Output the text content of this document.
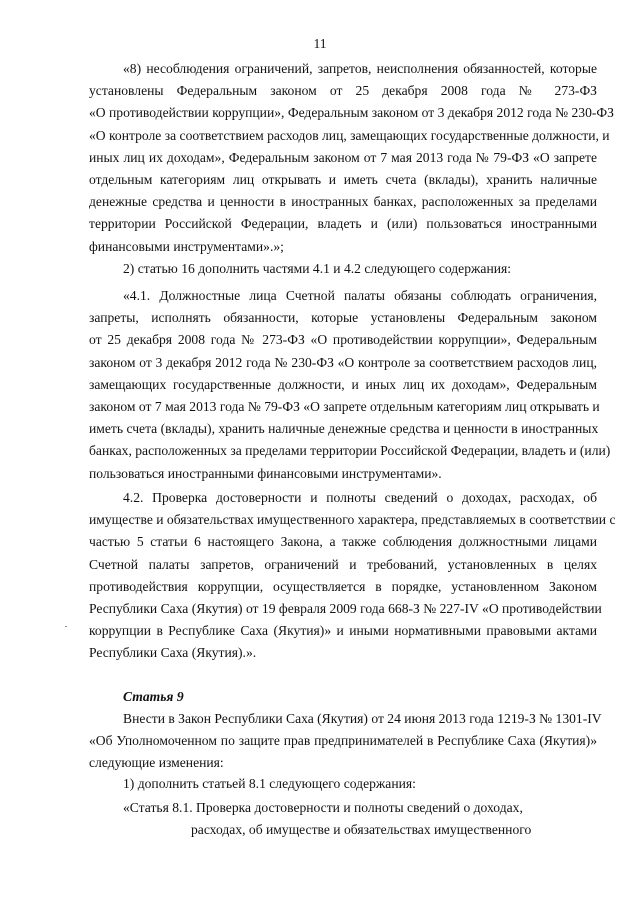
11

«8) несоблюдения ограничений, запретов, неисполнения обязанностей, которые

установлены Федеральным законом от 25 декабря 2008 года № 273-ФЗ

«О противодействии коррупции», Федеральным законом от 3 декабря 2012 года № 230-ФЗ

«О контроле за соответствием расходов лиц, замещающих государственные должности, и

иных лиц их доходам», Федеральным законом от 7 мая 2013 года № 79-ФЗ «О запрете

отдельным категориям лиц открывать и иметь счета (вклады), хранить наличные

денежные средства и ценности в иностранных банках, расположенных за пределами

территории Российской Федерации, владеть и (или) пользоваться иностранными

финансовыми инструментами».»;

2) статью 16 дополнить частями 4.1 и 4.2 следующего содержания:

«4.1. Должностные лица Счетной палаты обязаны соблюдать ограничения,

запреты, исполнять обязанности, которые установлены Федеральным законом

от 25 декабря 2008 года № 273-ФЗ «О противодействии коррупции», Федеральным

законом от 3 декабря 2012 года № 230-ФЗ «О контроле за соответствием расходов лиц,

замещающих государственные должности, и иных лиц их доходам», Федеральным

законом от 7 мая 2013 года № 79-ФЗ «О запрете отдельным категориям лиц открывать и

иметь счета (вклады), хранить наличные денежные средства и ценности в иностранных

банках, расположенных за пределами территории Российской Федерации, владеть и (или)

пользоваться иностранными финансовыми инструментами».

4.2. Проверка достоверности и полноты сведений о доходах, расходах, об

имуществе и обязательствах имущественного характера, представляемых в соответствии с

частью 5 статьи 6 настоящего Закона, а также соблюдения должностными лицами

Счетной палаты запретов, ограничений и требований, установленных в целях

противодействия коррупции, осуществляется в порядке, установленном Законом

Республики Саха (Якутия) от 19 февраля 2009 года 668-З № 227-IV «О противодействии

коррупции в Республике Саха (Якутия)» и иными нормативными правовыми актами

Республики Саха (Якутия).».

Статья 9

Внести в Закон Республики Саха (Якутия) от 24 июня 2013 года 1219-З № 1301-IV

«Об Уполномоченном по защите прав предпринимателей в Республике Саха (Якутия)»

следующие изменения:

1) дополнить статьей 8.1 следующего содержания:

«Статья 8.1. Проверка достоверности и полноты сведений о доходах,

расходах, об имуществе и обязательствах имущественного
